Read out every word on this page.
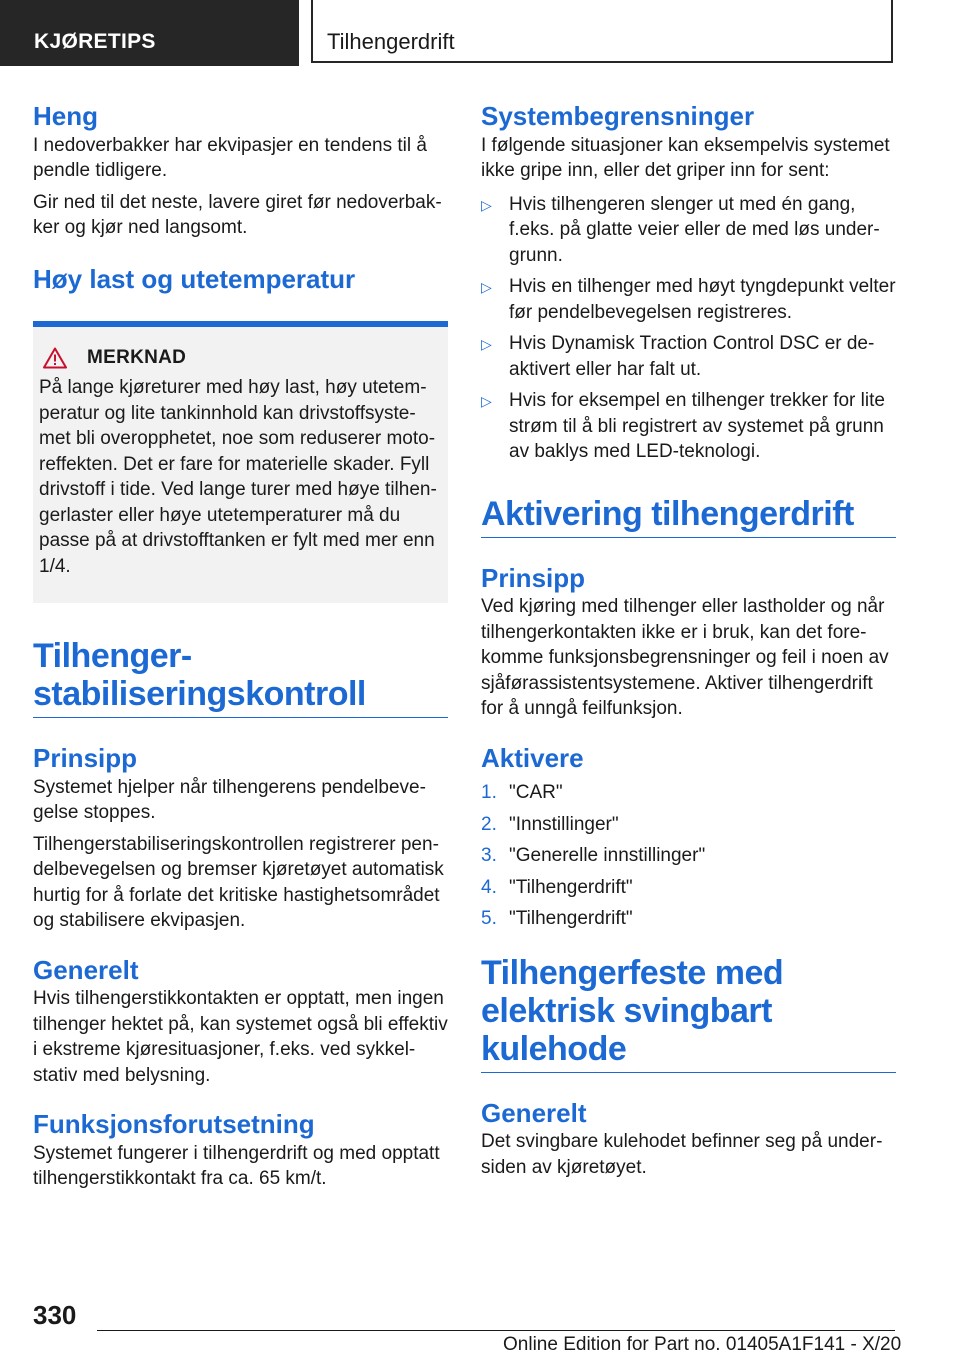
KJØRETIPS	Tilhengerdrift
Heng

I nedoverbakker har ekvipasjer en tendens til å pendle tidligere.

Gir ned til det neste, lavere giret før nedoverbakker og kjør ned langsomt.

Høy last og utetemperatur
MERKNAD

På lange kjøreturer med høy last, høy utetemperatur og lite tankinnhold kan drivstoffsystemet bli overopphetet, noe som reduserer motoreffekten. Det er fare for materielle skader. Fyll drivstoff i tide. Ved lange turer med høye tilhengerlaster eller høye utetemperaturer må du passe på at drivstofftanken er fylt med mer enn 1/4.

Tilhengerstabiliseringskontroll
Prinsipp

Systemet hjelper når tilhengerens pendelbevegelse stoppes.

Tilhengerstabiliseringskontrollen registrerer pendelbevegelsen og bremser kjøretøyet automatisk hurtig for å forlate det kritiske hastighetsområdet og stabilisere ekvipasjen.

Generelt

Hvis tilhengerstikkontakten er opptatt, men ingen tilhenger hektet på, kan systemet også bli effektiv i ekstreme kjøresituasjoner, f.eks. ved sykkelstativ med belysning.

Funksjonsforutsetning

Systemet fungerer i tilhengerdrift og med opptatt tilhengerstikkontakt fra ca. 65 km/t.

Systembegrensninger

I følgende situasjoner kan eksempelvis systemet ikke gripe inn, eller det griper inn for sent:

▷ Hvis tilhengeren slenger ut med én gang, f.eks. på glatte veier eller de med løs undergrunn.
▷ Hvis en tilhenger med høyt tyngdepunkt velter før pendelbevegelsen registreres.
▷ Hvis Dynamisk Traction Control DSC er deaktivert eller har falt ut.
▷ Hvis for eksempel en tilhenger trekker for lite strøm til å bli registrert av systemet på grunn av baklys med LED-teknologi.
Aktivering tilhengerdrift
Prinsipp

Ved kjøring med tilhenger eller lastholder og når tilhengerkontakten ikke er i bruk, kan det forekomme funksjonsbegrensninger og feil i noen av sjåførassistentsystemene. Aktiver tilhengerdrift for å unngå feilfunksjon.

Aktivere
1. "CAR"
2. "Innstillinger"
3. "Generelle innstillinger"
4. "Tilhengerdrift"
5. "Tilhengerdrift"
Tilhengerfeste med elektrisk svingbart kulehode
Generelt

Det svingbare kulehodet befinner seg på undersiden av kjøretøyet.

330
Online Edition for Part no. 01405A1F141 - X/20
